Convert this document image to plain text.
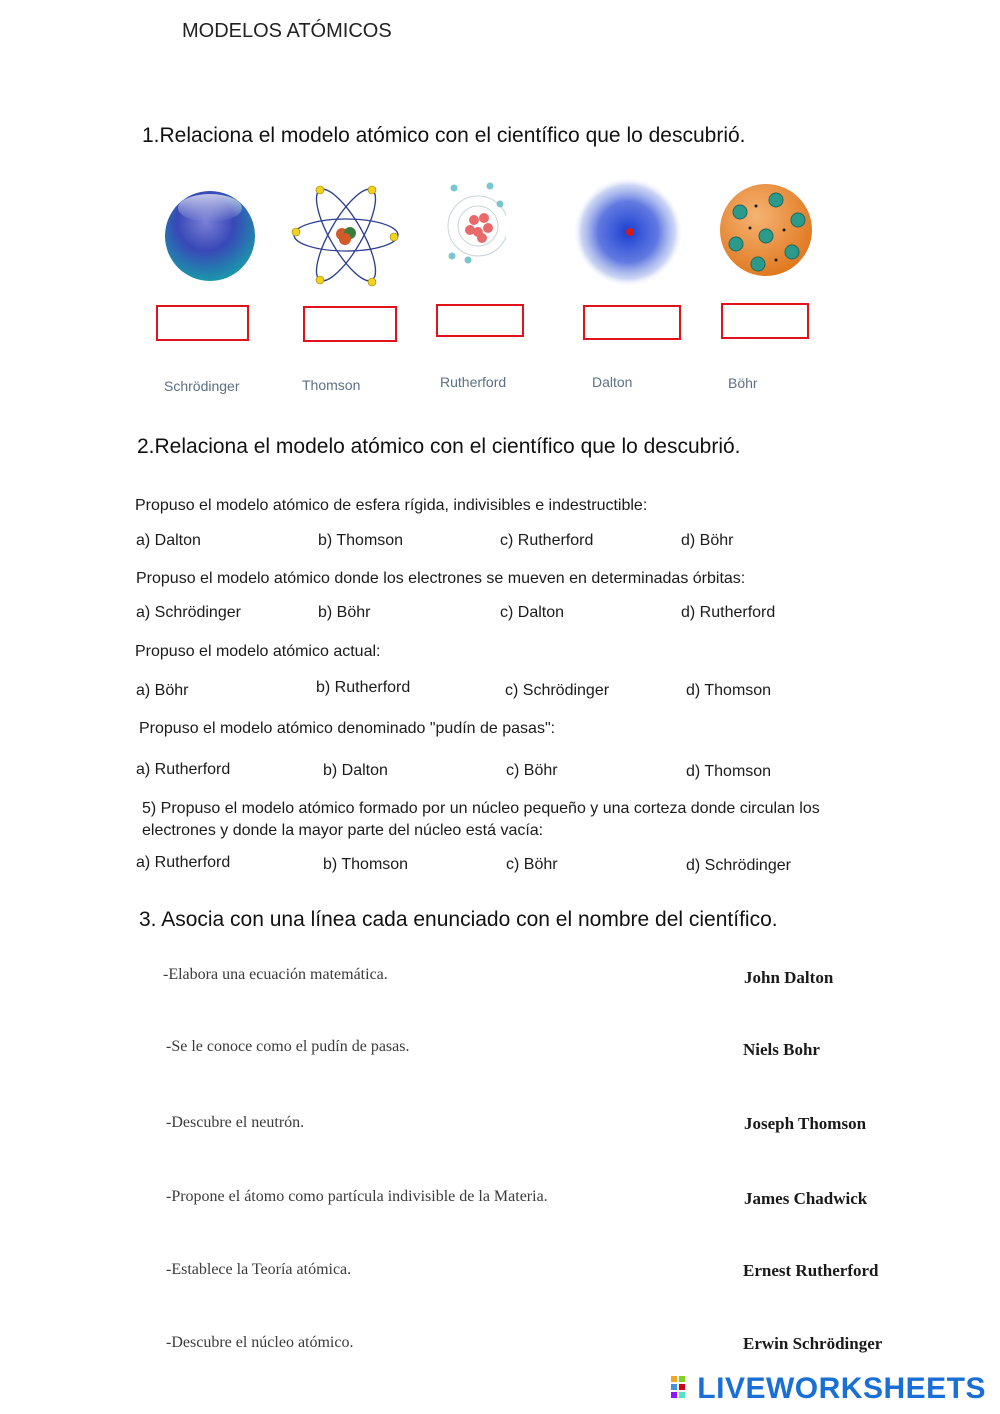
MODELOS ATÓMICOS
1.Relaciona el modelo atómico con el científico que lo descubrió.
Schrödinger	Thomson	Rutherford	Dalton	Böhr
2.Relaciona el modelo atómico con el científico que lo descubrió.
Propuso el modelo atómico de esfera rígida, indivisibles e indestructible:
a) Dalton	b) Thomson	c) Rutherford	d) Böhr
Propuso el modelo atómico donde los electrones se mueven en determinadas órbitas:
a) Schrödinger	b) Böhr	c) Dalton	d) Rutherford
Propuso el modelo atómico actual:
a) Böhr	b) Rutherford	c) Schrödinger	d) Thomson
Propuso el modelo atómico denominado "pudín de pasas":
a) Rutherford	b) Dalton	c) Böhr	d) Thomson
5) Propuso el modelo atómico formado por un núcleo pequeño y una corteza donde circulan los
electrones y donde la mayor parte del núcleo está vacía:
a) Rutherford	b) Thomson	c) Böhr	d) Schrödinger
3. Asocia con una línea cada enunciado con el nombre del científico.
-Elabora una ecuación matemática.
-Se le conoce como el pudín de pasas.
-Descubre el neutrón.
-Propone el átomo como partícula indivisible de la Materia.
-Establece la Teoría atómica.
-Descubre el núcleo atómico.
John Dalton
Niels Bohr
Joseph Thomson
James Chadwick
Ernest Rutherford
Erwin Schrödinger
LIVEWORKSHEETS
